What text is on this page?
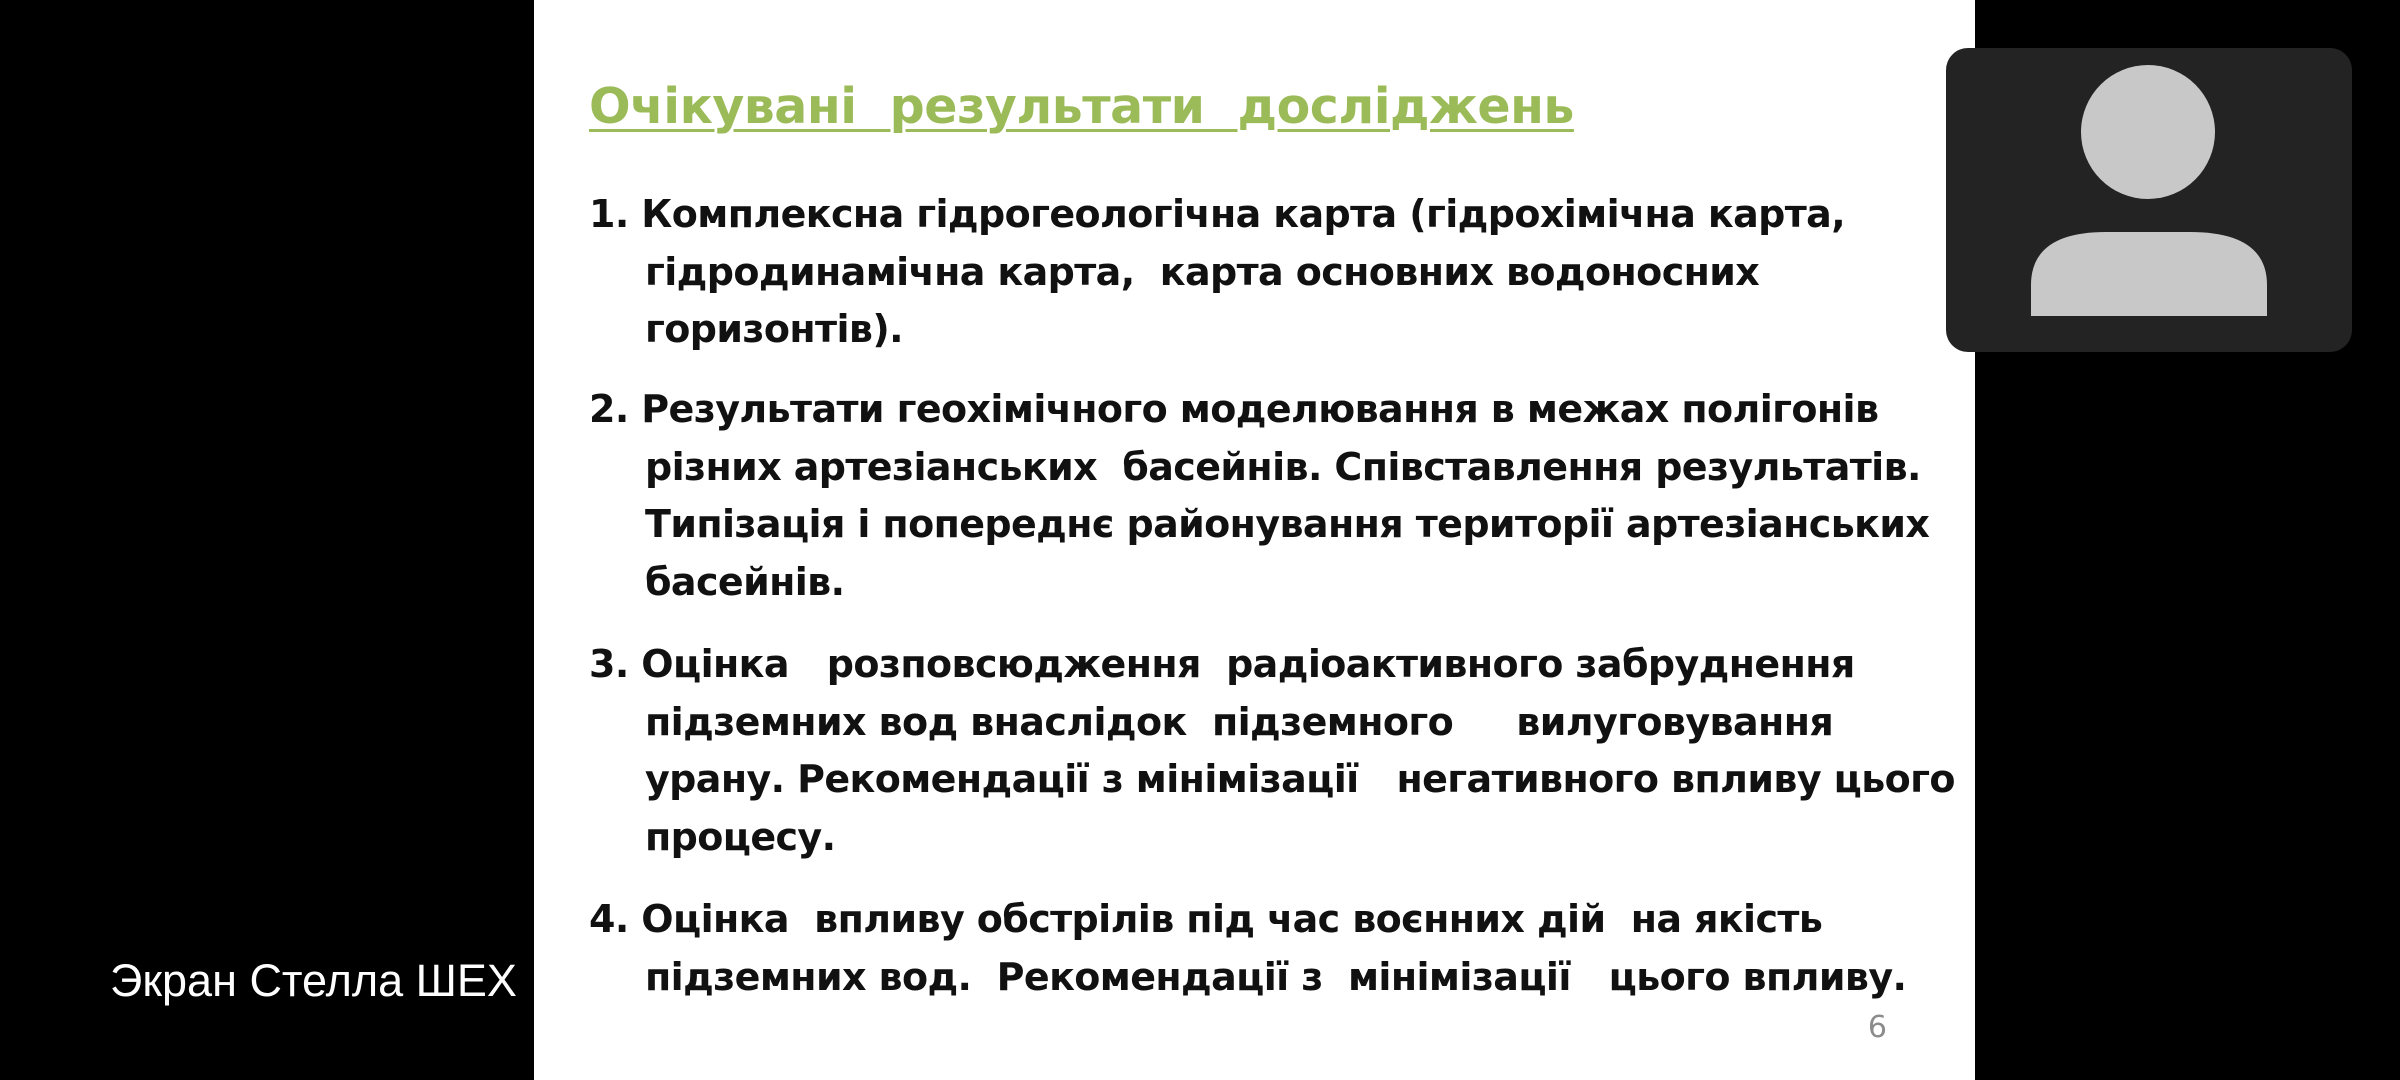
Очікувані  результати  досліджень
1. Комплексна гідрогеологічна карта (гідрохімічна карта,
гідродинамічна карта,  карта основних водоносних
горизонтів).
2. Результати геохімічного моделювання в межах полігонів
різних артезіанських  басейнів. Співставлення результатів.
Типізація і попереднє районування території артезіанських
басейнів.
3. Оцінка   розповсюдження  радіоактивного забруднення
підземних вод внаслідок  підземного     вилуговування
урану. Рекомендації з мінімізації   негативного впливу цього
процесу.
4. Оцінка  впливу обстрілів під час воєнних дій  на якість
підземних вод.  Рекомендації з  мінімізації   цього впливу.
6
Экран Стелла ШЕХ
